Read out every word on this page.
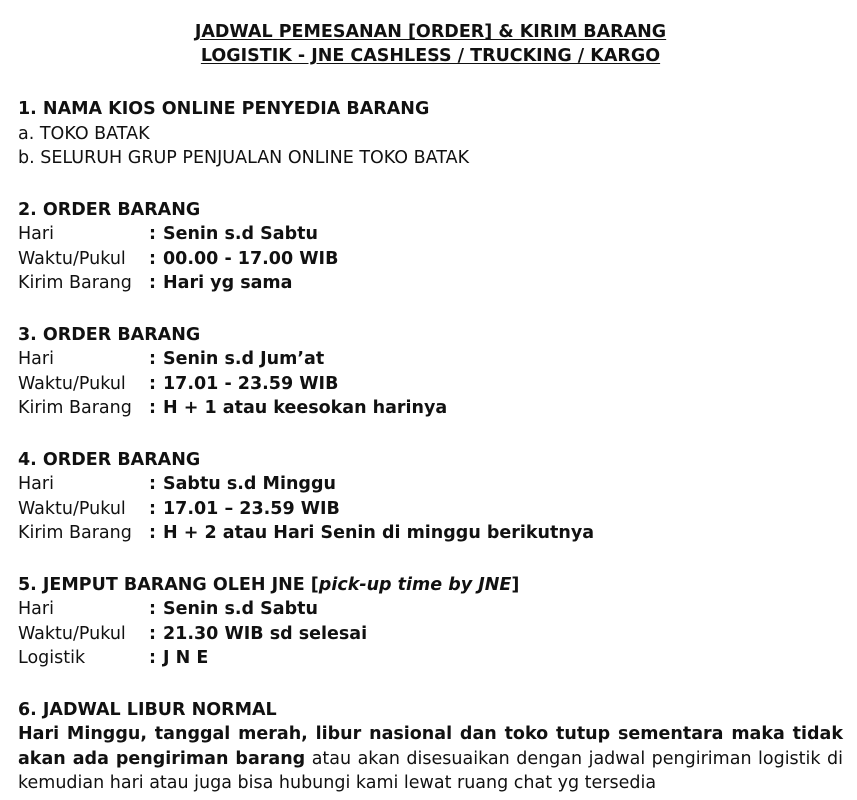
JADWAL PEMESANAN [ORDER] & KIRIM BARANG
LOGISTIK - JNE CASHLESS / TRUCKING / KARGO
1. NAMA KIOS ONLINE PENYEDIA BARANG
a. TOKO BATAK
b. SELURUH GRUP PENJUALAN ONLINE TOKO BATAK
2. ORDER BARANG
Hari	: Senin s.d Sabtu
Waktu/Pukul	: 00.00 - 17.00 WIB
Kirim Barang : Hari yg sama
3. ORDER BARANG
Hari	: Senin s.d Jum’at
Waktu/Pukul	: 17.01 - 23.59 WIB
Kirim Barang : H + 1 atau keesokan harinya
4. ORDER BARANG
Hari	: Sabtu s.d Minggu
Waktu/Pukul	: 17.01 – 23.59 WIB
Kirim Barang : H + 2 atau Hari Senin di minggu berikutnya
5. JEMPUT BARANG OLEH JNE [pick-up time by JNE]
Hari	: Senin s.d Sabtu
Waktu/Pukul	: 21.30 WIB sd selesai
Logistik	: J N E
6. JADWAL LIBUR NORMAL
Hari Minggu, tanggal merah, libur nasional dan toko tutup sementara maka tidak akan ada pengiriman barang atau akan disesuaikan dengan jadwal pengiriman logistik di kemudian hari atau juga bisa hubungi kami lewat ruang chat yg tersedia
